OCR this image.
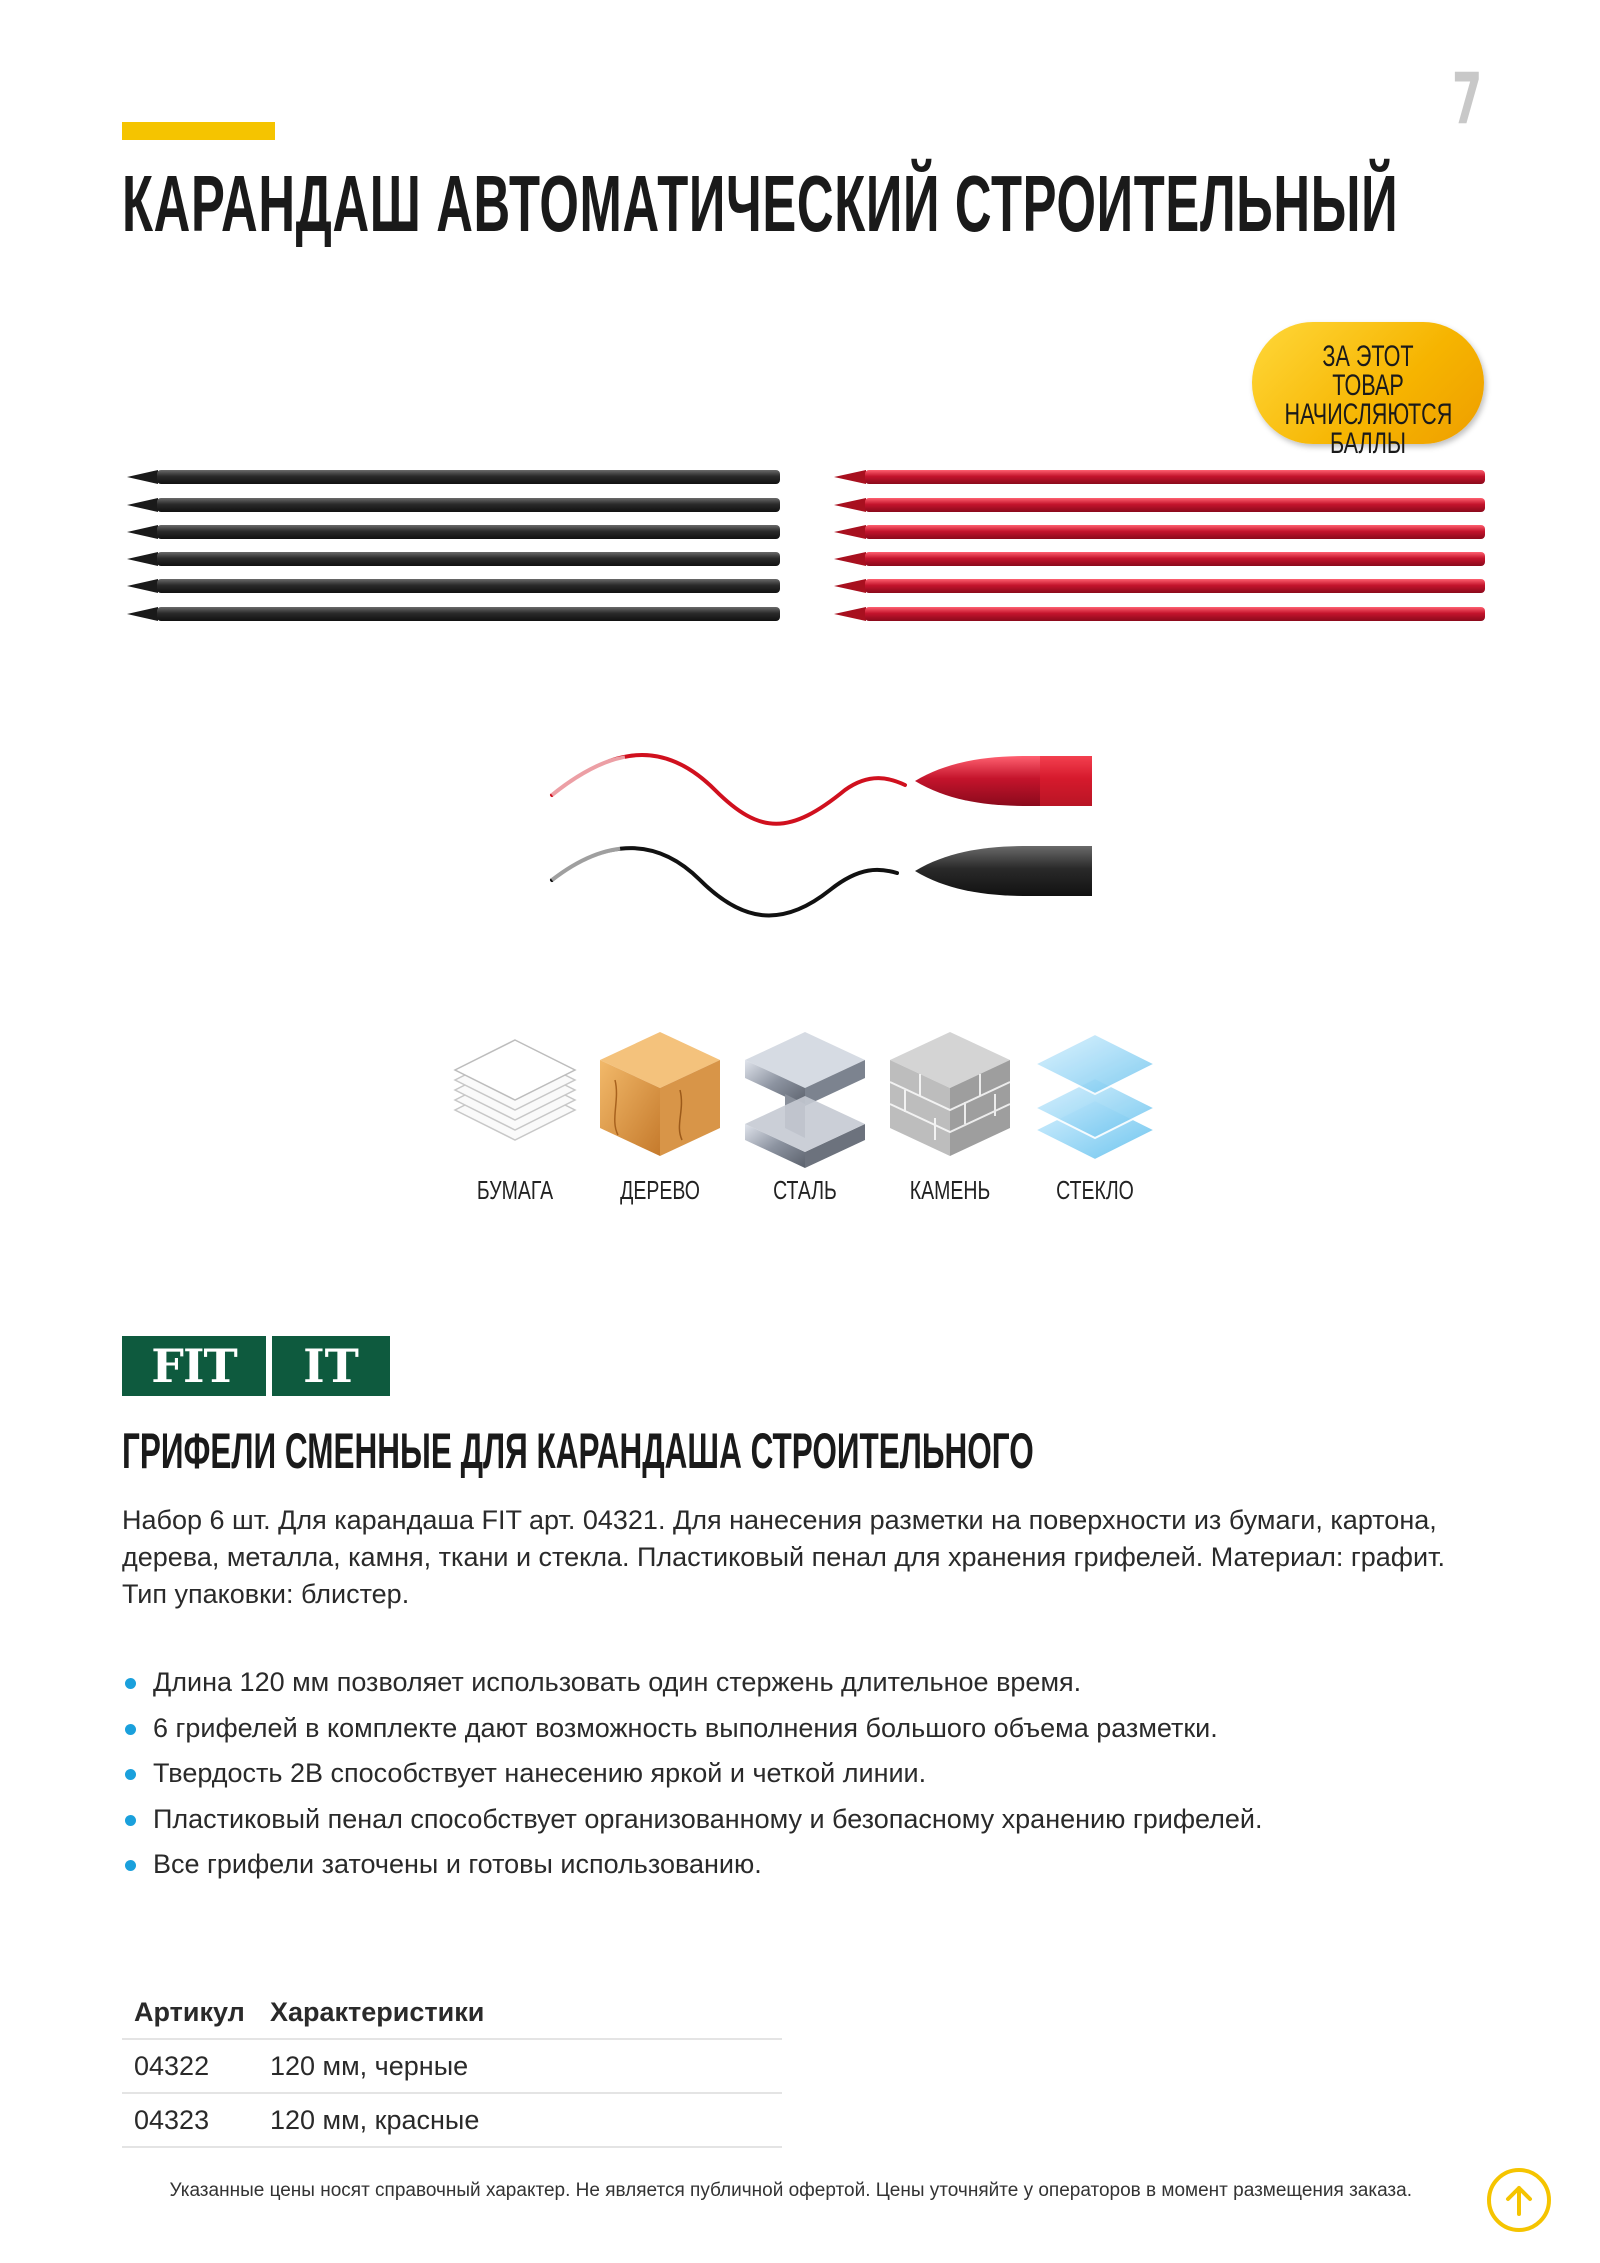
7
КАРАНДАШ АВТОМАТИЧЕСКИЙ СТРОИТЕЛЬНЫЙ
ЗА ЭТОТ ТОВАР
НАЧИСЛЯЮТСЯ
БАЛЛЫ
БУМАГА	ДЕРЕВО	СТАЛЬ	КАМЕНЬ	СТЕКЛО
FIT	IT
ГРИФЕЛИ СМЕННЫЕ ДЛЯ КАРАНДАША СТРОИТЕЛЬНОГО
Набор 6 шт. Для карандаша FIT арт. 04321. Для нанесения разметки на поверхности из бумаги, картона, дерева, металла, камня, ткани и стекла. Пластиковый пенал для хранения грифелей. Материал: графит. Тип упаковки: блистер.
Длина 120 мм позволяет использовать один стержень длительное время.
6 грифелей в комплекте дают возможность выполнения большого объема разметки.
Твердость 2В способствует нанесению яркой и четкой линии.
Пластиковый пенал способствует организованному и безопасному хранению грифелей.
Все грифели заточены и готовы использованию.
Артикул	Характеристики
04322	120 мм, черные
04323	120 мм, красные
Указанные цены носят справочный характер. Не является публичной офертой. Цены уточняйте у операторов в момент размещения заказа.
